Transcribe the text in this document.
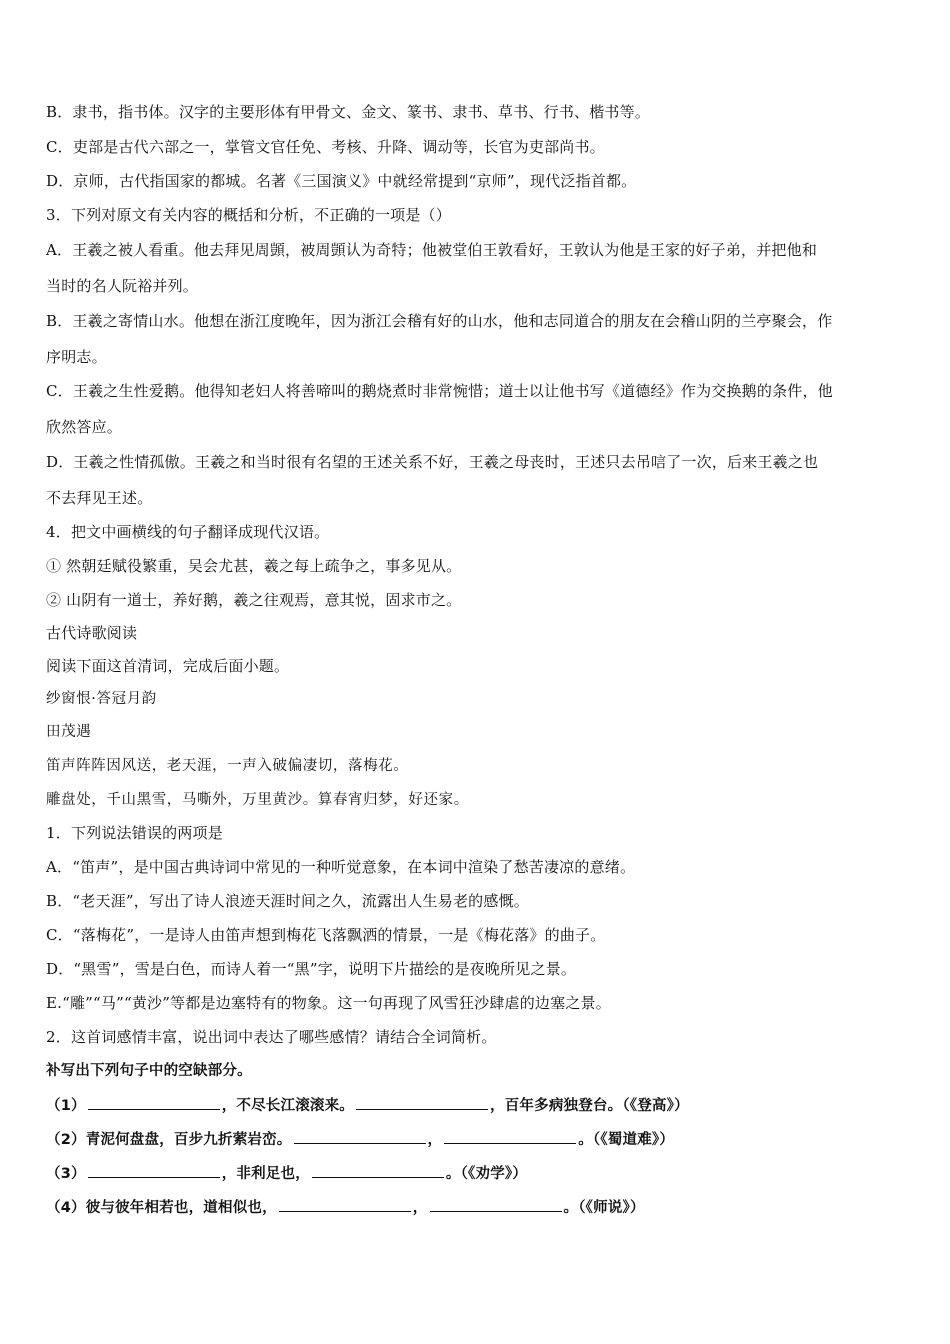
B．隶书，指书体。汉字的主要形体有甲骨文、金文、篆书、隶书、草书、行书、楷书等。
C．吏部是古代六部之一，掌管文官任免、考核、升降、调动等，长官为吏部尚书。
D．京师，古代指国家的都城。名著《三国演义》中就经常提到“京师”，现代泛指首都。
3．下列对原文有关内容的概括和分析，不正确的一项是（）
A．王羲之被人看重。他去拜见周顗，被周顗认为奇特；他被堂伯王敦看好，王敦认为他是王家的好子弟，并把他和
当时的名人阮裕并列。
B．王羲之寄情山水。他想在浙江度晚年，因为浙江会稽有好的山水，他和志同道合的朋友在会稽山阴的兰亭聚会，作
序明志。
C．王羲之生性爱鹅。他得知老妇人将善啼叫的鹅烧煮时非常惋惜；道士以让他书写《道德经》作为交换鹅的条件，他
欣然答应。
D．王羲之性情孤傲。王羲之和当时很有名望的王述关系不好，王羲之母丧时，王述只去吊唁了一次，后来王羲之也
不去拜见王述。
4．把文中画横线的句子翻译成现代汉语。
① 然朝廷赋役繁重，吴会尤甚，羲之每上疏争之，事多见从。
② 山阴有一道士，养好鹅，羲之往观焉，意其悦，固求市之。
古代诗歌阅读
阅读下面这首清词，完成后面小题。
纱窗恨·答冠月韵
田茂遇
笛声阵阵因风送，老天涯，一声入破偏凄切，落梅花。
雕盘处，千山黑雪，马嘶外，万里黄沙。算春宵归梦，好还家。
1．下列说法错误的两项是
A．“笛声”，是中国古典诗词中常见的一种听觉意象，在本词中渲染了愁苦凄凉的意绪。
B．“老天涯”，写出了诗人浪迹天涯时间之久，流露出人生易老的感慨。
C．“落梅花”，一是诗人由笛声想到梅花飞落飘洒的情景，一是《梅花落》的曲子。
D．“黑雪”，雪是白色，而诗人着一“黑”字，说明下片描绘的是夜晚所见之景。
E.“雕”“马”“黄沙”等都是边塞特有的物象。这一句再现了风雪狂沙肆虐的边塞之景。
2．这首词感情丰富，说出词中表达了哪些感情？请结合全词简析。
补写出下列句子中的空缺部分。
（1）	，不尽长江滚滚来。	，百年多病独登台。（《登高》）
（2）青泥何盘盘，百步九折萦岩峦。	，	。（《蜀道难》）
（3）	，非利足也，	。（《劝学》）
（4）彼与彼年相若也，道相似也，	，	。（《师说》）
